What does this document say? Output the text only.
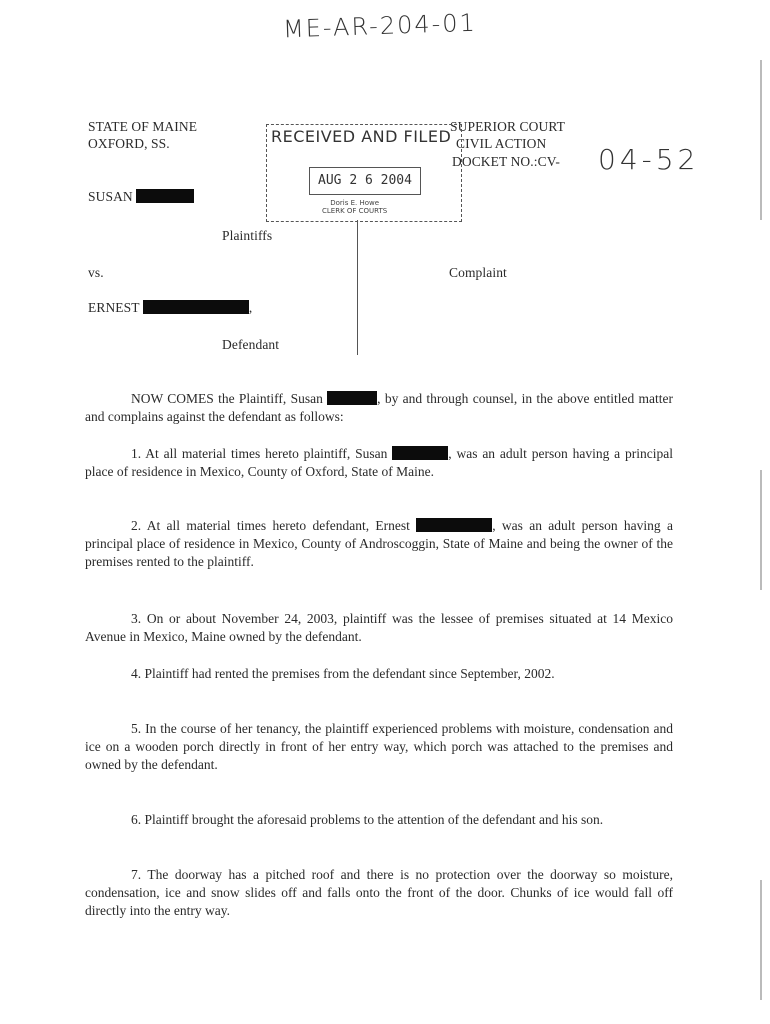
ME-AR-204-01
STATE OF MAINE
OXFORD, SS.
SUSAN
Plaintiffs
vs.
ERNEST	,
Defendant
SUPERIOR COURT
CIVIL ACTION
DOCKET NO.:CV- 04-52
Complaint
RECEIVED AND FILED
AUG 2 6 2004
Doris E. Howe
CLERK OF COURTS

NOW COMES the Plaintiff, Susan	, by and through counsel, in the above entitled matter and complains against the defendant as follows:

1. At all material times hereto plaintiff, Susan	, was an adult person having a principal place of residence in Mexico, County of Oxford, State of Maine.

2. At all material times hereto defendant, Ernest	, was an adult person having a principal place of residence in Mexico, County of Androscoggin, State of Maine and being the owner of the premises rented to the plaintiff.

3. On or about November 24, 2003, plaintiff was the lessee of premises situated at 14 Mexico Avenue in Mexico, Maine owned by the defendant.

4. Plaintiff had rented the premises from the defendant since September, 2002.

5. In the course of her tenancy, the plaintiff experienced problems with moisture, condensation and ice on a wooden porch directly in front of her entry way, which porch was attached to the premises and owned by the defendant.

6. Plaintiff brought the aforesaid problems to the attention of the defendant and his son.

7. The doorway has a pitched roof and there is no protection over the doorway so moisture, condensation, ice and snow slides off and falls onto the front of the door. Chunks of ice would fall off directly into the entry way.
